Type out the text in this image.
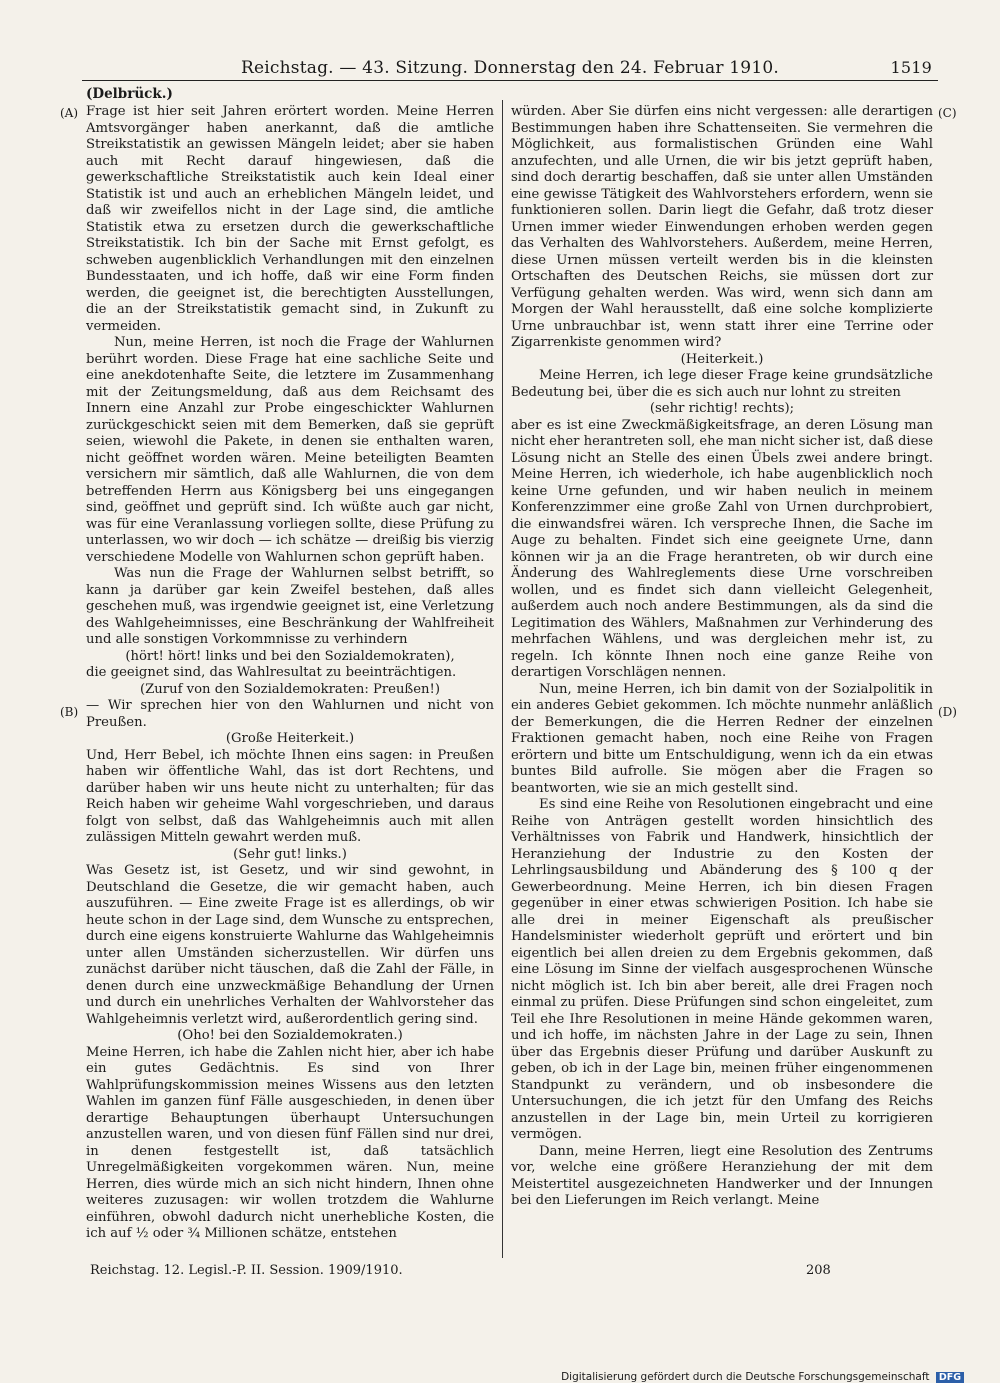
Reichstag. — 43. Sitzung. Donnerstag den 24. Februar 1910.	1519
(Delbrück.)
(A)
(B)
(C)
(D)

Frage ist hier seit Jahren erörtert worden. Meine Herren Amtsvorgänger haben anerkannt, daß die amtliche Streikstatistik an gewissen Mängeln leidet; aber sie haben auch mit Recht darauf hingewiesen, daß die gewerkschaftliche Streikstatistik auch kein Ideal einer Statistik ist und auch an erheblichen Mängeln leidet, und daß wir zweifellos nicht in der Lage sind, die amtliche Statistik etwa zu ersetzen durch die gewerkschaftliche Streikstatistik. Ich bin der Sache mit Ernst gefolgt, es schweben augenblicklich Verhandlungen mit den einzelnen Bundesstaaten, und ich hoffe, daß wir eine Form finden werden, die geeignet ist, die berechtigten Ausstellungen, die an der Streikstatistik gemacht sind, in Zukunft zu vermeiden.

Nun, meine Herren, ist noch die Frage der Wahlurnen berührt worden. Diese Frage hat eine sachliche Seite und eine anekdotenhafte Seite, die letztere im Zusammenhang mit der Zeitungsmeldung, daß aus dem Reichsamt des Innern eine Anzahl zur Probe eingeschickter Wahlurnen zurückgeschickt seien mit dem Bemerken, daß sie geprüft seien, wiewohl die Pakete, in denen sie enthalten waren, nicht geöffnet worden wären. Meine beteiligten Beamten versichern mir sämtlich, daß alle Wahlurnen, die von dem betreffenden Herrn aus Königsberg bei uns eingegangen sind, geöffnet und geprüft sind. Ich wüßte auch gar nicht, was für eine Veranlassung vorliegen sollte, diese Prüfung zu unterlassen, wo wir doch — ich schätze — dreißig bis vierzig verschiedene Modelle von Wahlurnen schon geprüft haben.

Was nun die Frage der Wahlurnen selbst betrifft, so kann ja darüber gar kein Zweifel bestehen, daß alles geschehen muß, was irgendwie geeignet ist, eine Verletzung des Wahlgeheimnisses, eine Beschränkung der Wahlfreiheit und alle sonstigen Vorkommnisse zu verhindern

(hört! hört! links und bei den Sozialdemokraten),

die geeignet sind, das Wahlresultat zu beeinträchtigen.

(Zuruf von den Sozialdemokraten: Preußen!)

— Wir sprechen hier von den Wahlurnen und nicht von Preußen.

(Große Heiterkeit.)

Und, Herr Bebel, ich möchte Ihnen eins sagen: in Preußen haben wir öffentliche Wahl, das ist dort Rechtens, und darüber haben wir uns heute nicht zu unterhalten; für das Reich haben wir geheime Wahl vorgeschrieben, und daraus folgt von selbst, daß das Wahlgeheimnis auch mit allen zulässigen Mitteln gewahrt werden muß.

(Sehr gut! links.)

Was Gesetz ist, ist Gesetz, und wir sind gewohnt, in Deutschland die Gesetze, die wir gemacht haben, auch auszuführen. — Eine zweite Frage ist es allerdings, ob wir heute schon in der Lage sind, dem Wunsche zu entsprechen, durch eine eigens konstruierte Wahlurne das Wahlgeheimnis unter allen Umständen sicherzustellen. Wir dürfen uns zunächst darüber nicht täuschen, daß die Zahl der Fälle, in denen durch eine unzweckmäßige Behandlung der Urnen und durch ein unehrliches Verhalten der Wahlvorsteher das Wahlgeheimnis verletzt wird, außerordentlich gering sind.

(Oho! bei den Sozialdemokraten.)

Meine Herren, ich habe die Zahlen nicht hier, aber ich habe ein gutes Gedächtnis. Es sind von Ihrer Wahlprüfungskommission meines Wissens aus den letzten Wahlen im ganzen fünf Fälle ausgeschieden, in denen über derartige Behauptungen überhaupt Untersuchungen anzustellen waren, und von diesen fünf Fällen sind nur drei, in denen festgestellt ist, daß tatsächlich Unregelmäßigkeiten vorgekommen wären. Nun, meine Herren, dies würde mich an sich nicht hindern, Ihnen ohne weiteres zuzusagen: wir wollen trotzdem die Wahlurne einführen, obwohl dadurch nicht unerhebliche Kosten, die ich auf ½ oder ¾ Millionen schätze, entstehen

würden. Aber Sie dürfen eins nicht vergessen: alle derartigen Bestimmungen haben ihre Schattenseiten. Sie vermehren die Möglichkeit, aus formalistischen Gründen eine Wahl anzufechten, und alle Urnen, die wir bis jetzt geprüft haben, sind doch derartig beschaffen, daß sie unter allen Umständen eine gewisse Tätigkeit des Wahlvorstehers erfordern, wenn sie funktionieren sollen. Darin liegt die Gefahr, daß trotz dieser Urnen immer wieder Einwendungen erhoben werden gegen das Verhalten des Wahlvorstehers. Außerdem, meine Herren, diese Urnen müssen verteilt werden bis in die kleinsten Ortschaften des Deutschen Reichs, sie müssen dort zur Verfügung gehalten werden. Was wird, wenn sich dann am Morgen der Wahl herausstellt, daß eine solche komplizierte Urne unbrauchbar ist, wenn statt ihrer eine Terrine oder Zigarrenkiste genommen wird?

(Heiterkeit.)

Meine Herren, ich lege dieser Frage keine grundsätzliche Bedeutung bei, über die es sich auch nur lohnt zu streiten

(sehr richtig! rechts);

aber es ist eine Zweckmäßigkeitsfrage, an deren Lösung man nicht eher herantreten soll, ehe man nicht sicher ist, daß diese Lösung nicht an Stelle des einen Übels zwei andere bringt. Meine Herren, ich wiederhole, ich habe augenblicklich noch keine Urne gefunden, und wir haben neulich in meinem Konferenzzimmer eine große Zahl von Urnen durchprobiert, die einwandsfrei wären. Ich verspreche Ihnen, die Sache im Auge zu behalten. Findet sich eine geeignete Urne, dann können wir ja an die Frage herantreten, ob wir durch eine Änderung des Wahlreglements diese Urne vorschreiben wollen, und es findet sich dann vielleicht Gelegenheit, außerdem auch noch andere Bestimmungen, als da sind die Legitimation des Wählers, Maßnahmen zur Verhinderung des mehrfachen Wählens, und was dergleichen mehr ist, zu regeln. Ich könnte Ihnen noch eine ganze Reihe von derartigen Vorschlägen nennen.

Nun, meine Herren, ich bin damit von der Sozialpolitik in ein anderes Gebiet gekommen. Ich möchte nunmehr anläßlich der Bemerkungen, die die Herren Redner der einzelnen Fraktionen gemacht haben, noch eine Reihe von Fragen erörtern und bitte um Entschuldigung, wenn ich da ein etwas buntes Bild aufrolle. Sie mögen aber die Fragen so beantworten, wie sie an mich gestellt sind.

Es sind eine Reihe von Resolutionen eingebracht und eine Reihe von Anträgen gestellt worden hinsichtlich des Verhältnisses von Fabrik und Handwerk, hinsichtlich der Heranziehung der Industrie zu den Kosten der Lehrlingsausbildung und Abänderung des § 100 q der Gewerbeordnung. Meine Herren, ich bin diesen Fragen gegenüber in einer etwas schwierigen Position. Ich habe sie alle drei in meiner Eigenschaft als preußischer Handelsminister wiederholt geprüft und erörtert und bin eigentlich bei allen dreien zu dem Ergebnis gekommen, daß eine Lösung im Sinne der vielfach ausgesprochenen Wünsche nicht möglich ist. Ich bin aber bereit, alle drei Fragen noch einmal zu prüfen. Diese Prüfungen sind schon eingeleitet, zum Teil ehe Ihre Resolutionen in meine Hände gekommen waren, und ich hoffe, im nächsten Jahre in der Lage zu sein, Ihnen über das Ergebnis dieser Prüfung und darüber Auskunft zu geben, ob ich in der Lage bin, meinen früher eingenommenen Standpunkt zu verändern, und ob insbesondere die Untersuchungen, die ich jetzt für den Umfang des Reichs anzustellen in der Lage bin, mein Urteil zu korrigieren vermögen.

Dann, meine Herren, liegt eine Resolution des Zentrums vor, welche eine größere Heranziehung der mit dem Meistertitel ausgezeichneten Handwerker und der Innungen bei den Lieferungen im Reich verlangt. Meine

Reichstag. 12. Legisl.-P. II. Session. 1909/1910.	208
Digitalisierung gefördert durch die Deutsche Forschungsgemeinschaft DFG
